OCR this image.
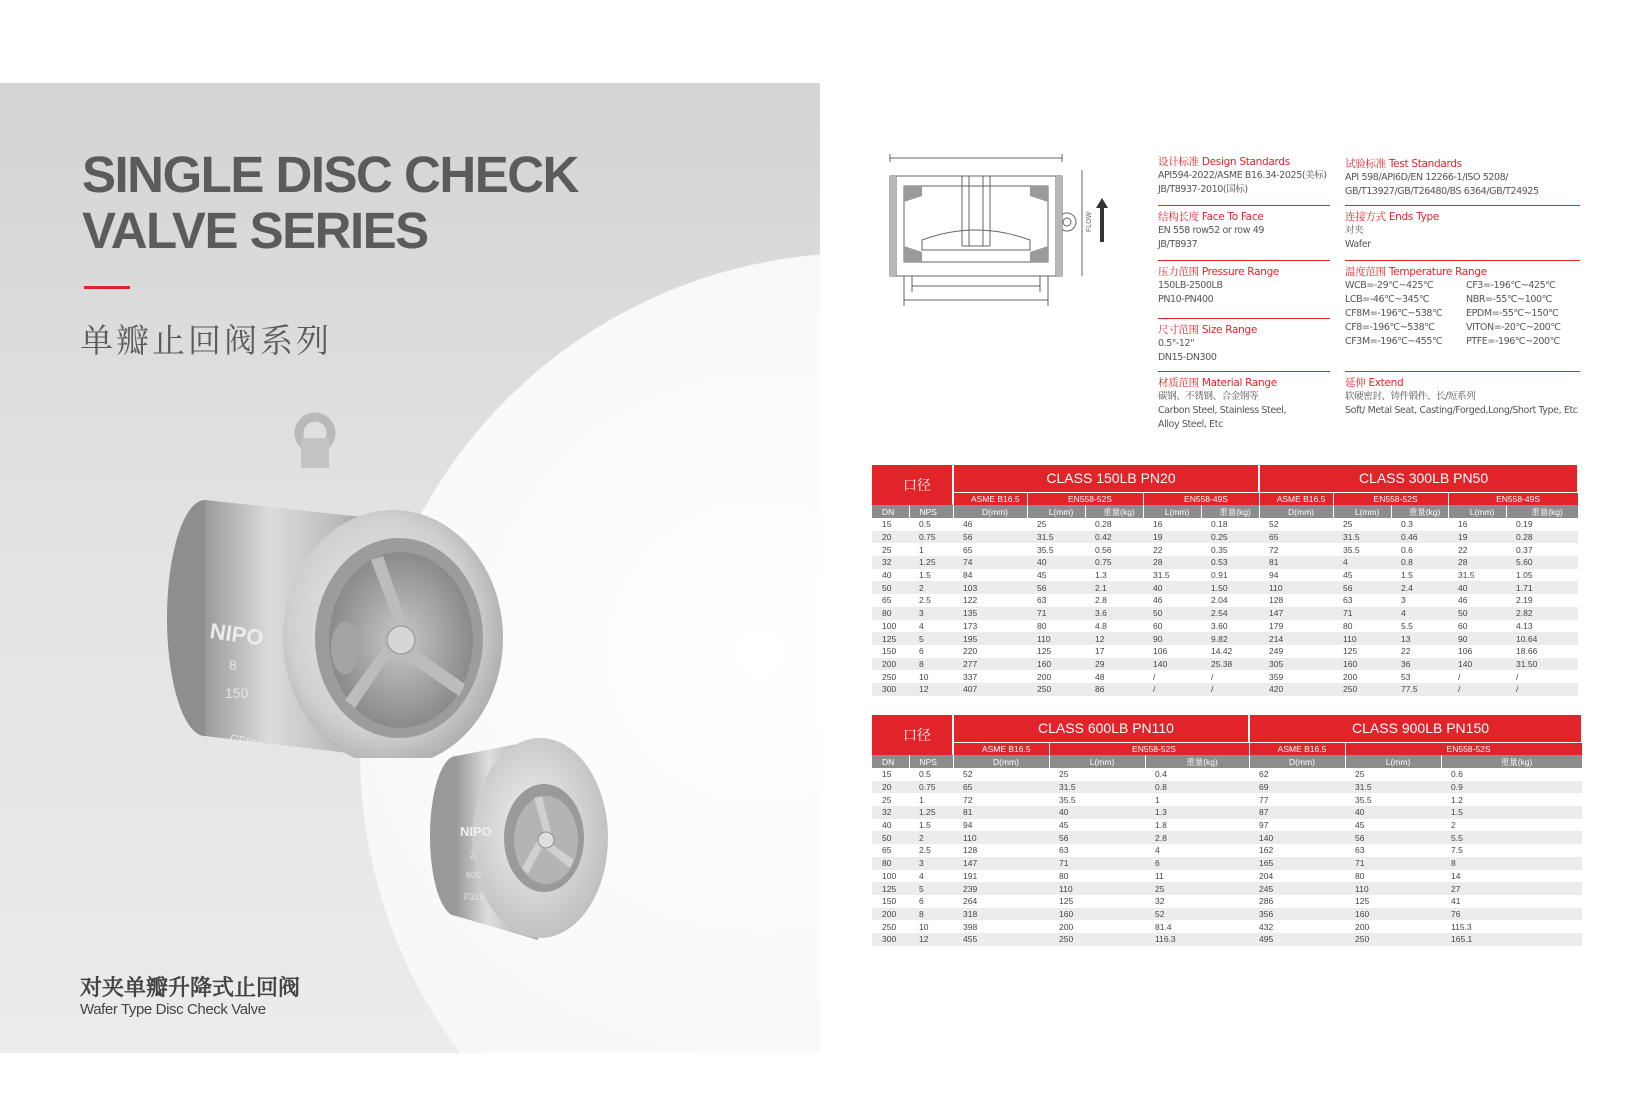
SINGLE DISC CHECK
VALVE SERIES
单瓣止回阀系列
NIPO
8
150
CF8M
NIPO
2
600
F316
对夹单瓣升降式止回阀
Wafer Type Disc Check Valve
FLOW
设计标准 Design Standards
API594-2022/ASME B16.34-2025(美标)
JB/T8937-2010(国标)
结构长度 Face To Face
EN 558 row52 or row 49
JB/T8937
压力范围 Pressure Range
150LB-2500LB
PN10-PN400
尺寸范围 Size Range
0.5"-12"
DN15-DN300
材质范围 Material Range
碳钢、不锈钢、合金钢等
Carbon Steel, Stainless Steel,
Alloy Steel, Etc
试验标准 Test Standards
API 598/API6D/EN 12266-1/ISO 5208/
GB/T13927/GB/T26480/BS 6364/GB/T24925
连接方式 Ends Type
对夹
Wafer
温度范围 Temperature Range
WCB=-29℃~425℃	CF3=-196℃~425℃
LCB=-46℃~345℃	NBR=-55℃~100℃
CF8M=-196℃~538℃	EPDM=-55℃~150℃
CF8=-196℃~538℃	VITON=-20℃~200℃
CF3M=-196℃~455℃	PTFE=-196℃~200℃
延伸 Extend
软硬密封、铸件锻件、长/短系列
Soft/ Metal Seat, Casting/Forged,Long/Short Type, Etc
口径		CLASS 150LB PN20					CLASS 300LB PN50				
		ASME B16.5	EN558-52S		EN558-49S		ASME B16.5	EN558-52S		EN558-49S	
DN	NPS	D(mm)	L(mm)	重量(kg)	L(mm)	重量(kg)	D(mm)	L(mm)	重量(kg)	L(mm)	重量(kg)
15	0.5	46	25	0.28	16	0.18	52	25	0.3	16	0.19
20	0.75	56	31.5	0.42	19	0.25	65	31.5	0.46	19	0.28
25	1	65	35.5	0.56	22	0.35	72	35.5	0.6	22	0.37
32	1.25	74	40	0.75	28	0.53	81	4	0.8	28	5.60
40	1.5	84	45	1.3	31.5	0.91	94	45	1.5	31.5	1.05
50	2	103	56	2.1	40	1.50	110	56	2.4	40	1.71
65	2.5	122	63	2.8	46	2.04	128	63	3	46	2.19
80	3	135	71	3.6	50	2.54	147	71	4	50	2.82
100	4	173	80	4.8	60	3.60	179	80	5.5	60	4.13
125	5	195	110	12	90	9.82	214	110	13	90	10.64
150	6	220	125	17	106	14.42	249	125	22	106	18.66
200	8	277	160	29	140	25.38	305	160	36	140	31.50
250	10	337	200	48	/	/	359	200	53	/	/
300	12	407	250	86	/	/	420	250	77.5	/	/
口径		CLASS 600LB PN110			CLASS 900LB PN150		
		ASME B16.5	EN558-52S		ASME B16.5	EN558-52S	
DN	NPS	D(mm)	L(mm)	重量(kg)	D(mm)	L(mm)	重量(kg)
15	0.5	52	25	0.4	62	25	0.6
20	0.75	65	31.5	0.8	69	31.5	0.9
25	1	72	35.5	1	77	35.5	1.2
32	1.25	81	40	1.3	87	40	1.5
40	1.5	94	45	1.8	97	45	2
50	2	110	56	2.8	140	56	5.5
65	2.5	128	63	4	162	63	7.5
80	3	147	71	6	165	71	8
100	4	191	80	11	204	80	14
125	5	239	110	25	245	110	27
150	6	264	125	32	286	125	41
200	8	318	160	52	356	160	76
250	10	398	200	81.4	432	200	115.3
300	12	455	250	116.3	495	250	165.1
